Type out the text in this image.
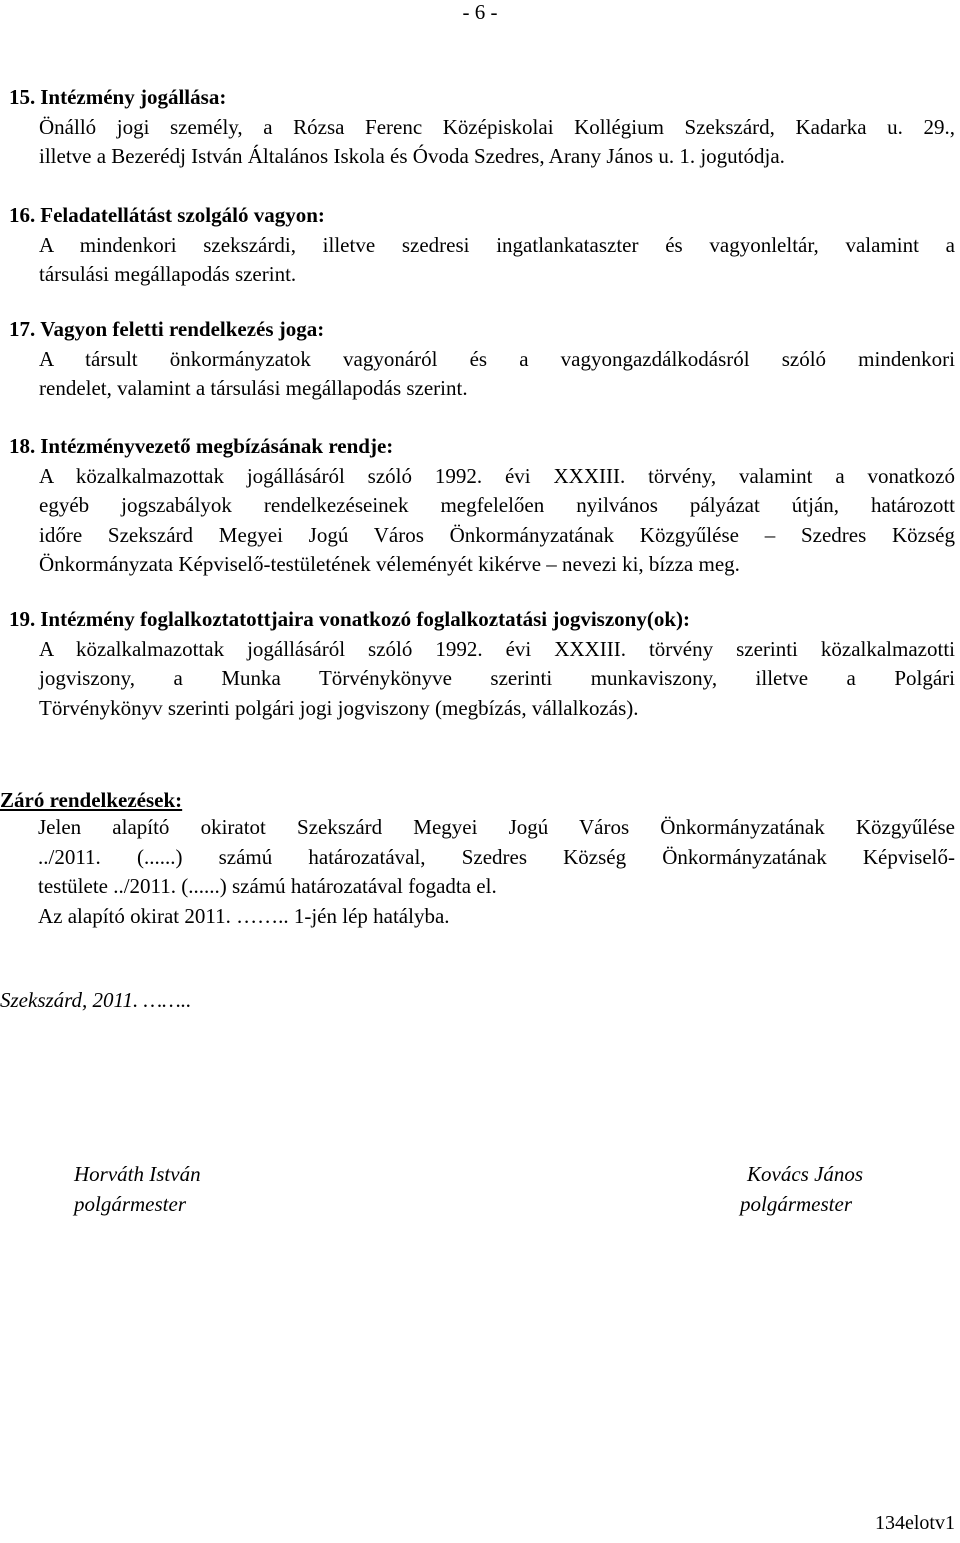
- 6 -
15. Intézmény jogállása:
Önálló jogi személy, a Rózsa Ferenc Középiskolai Kollégium Szekszárd, Kadarka u. 29.,
illetve a Bezerédj István Általános Iskola és Óvoda Szedres, Arany János u. 1. jogutódja.
16. Feladatellátást szolgáló vagyon:
A mindenkori szekszárdi, illetve szedresi ingatlankataszter és vagyonleltár, valamint a
társulási megállapodás szerint.
17. Vagyon feletti rendelkezés joga:
A társult önkormányzatok vagyonáról és a vagyongazdálkodásról szóló mindenkori
rendelet, valamint a társulási megállapodás szerint.
18. Intézményvezető megbízásának rendje:
A közalkalmazottak jogállásáról szóló 1992. évi XXXIII. törvény, valamint a vonatkozó
egyéb jogszabályok rendelkezéseinek megfelelően nyilvános pályázat útján, határozott
időre Szekszárd Megyei Jogú Város Önkormányzatának Közgyűlése – Szedres Község
Önkormányzata Képviselő-testületének véleményét kikérve – nevezi ki, bízza meg.
19. Intézmény foglalkoztatottjaira vonatkozó foglalkoztatási jogviszony(ok):
A közalkalmazottak jogállásáról szóló 1992. évi XXXIII. törvény szerinti közalkalmazotti
jogviszony, a Munka Törvénykönyve szerinti munkaviszony, illetve a Polgári
Törvénykönyv szerinti polgári jogi jogviszony (megbízás, vállalkozás).
Záró rendelkezések:
Jelen alapító okiratot Szekszárd Megyei Jogú Város Önkormányzatának Közgyűlése
../2011. (......) számú határozatával, Szedres Község Önkormányzatának Képviselő-
testülete ../2011. (......) számú határozatával fogadta el.
Az alapító okirat 2011. …….. 1-jén lép hatályba.
Szekszárd, 2011. ……..
Horváth István
polgármester
Kovács János
polgármester
134elotv1
